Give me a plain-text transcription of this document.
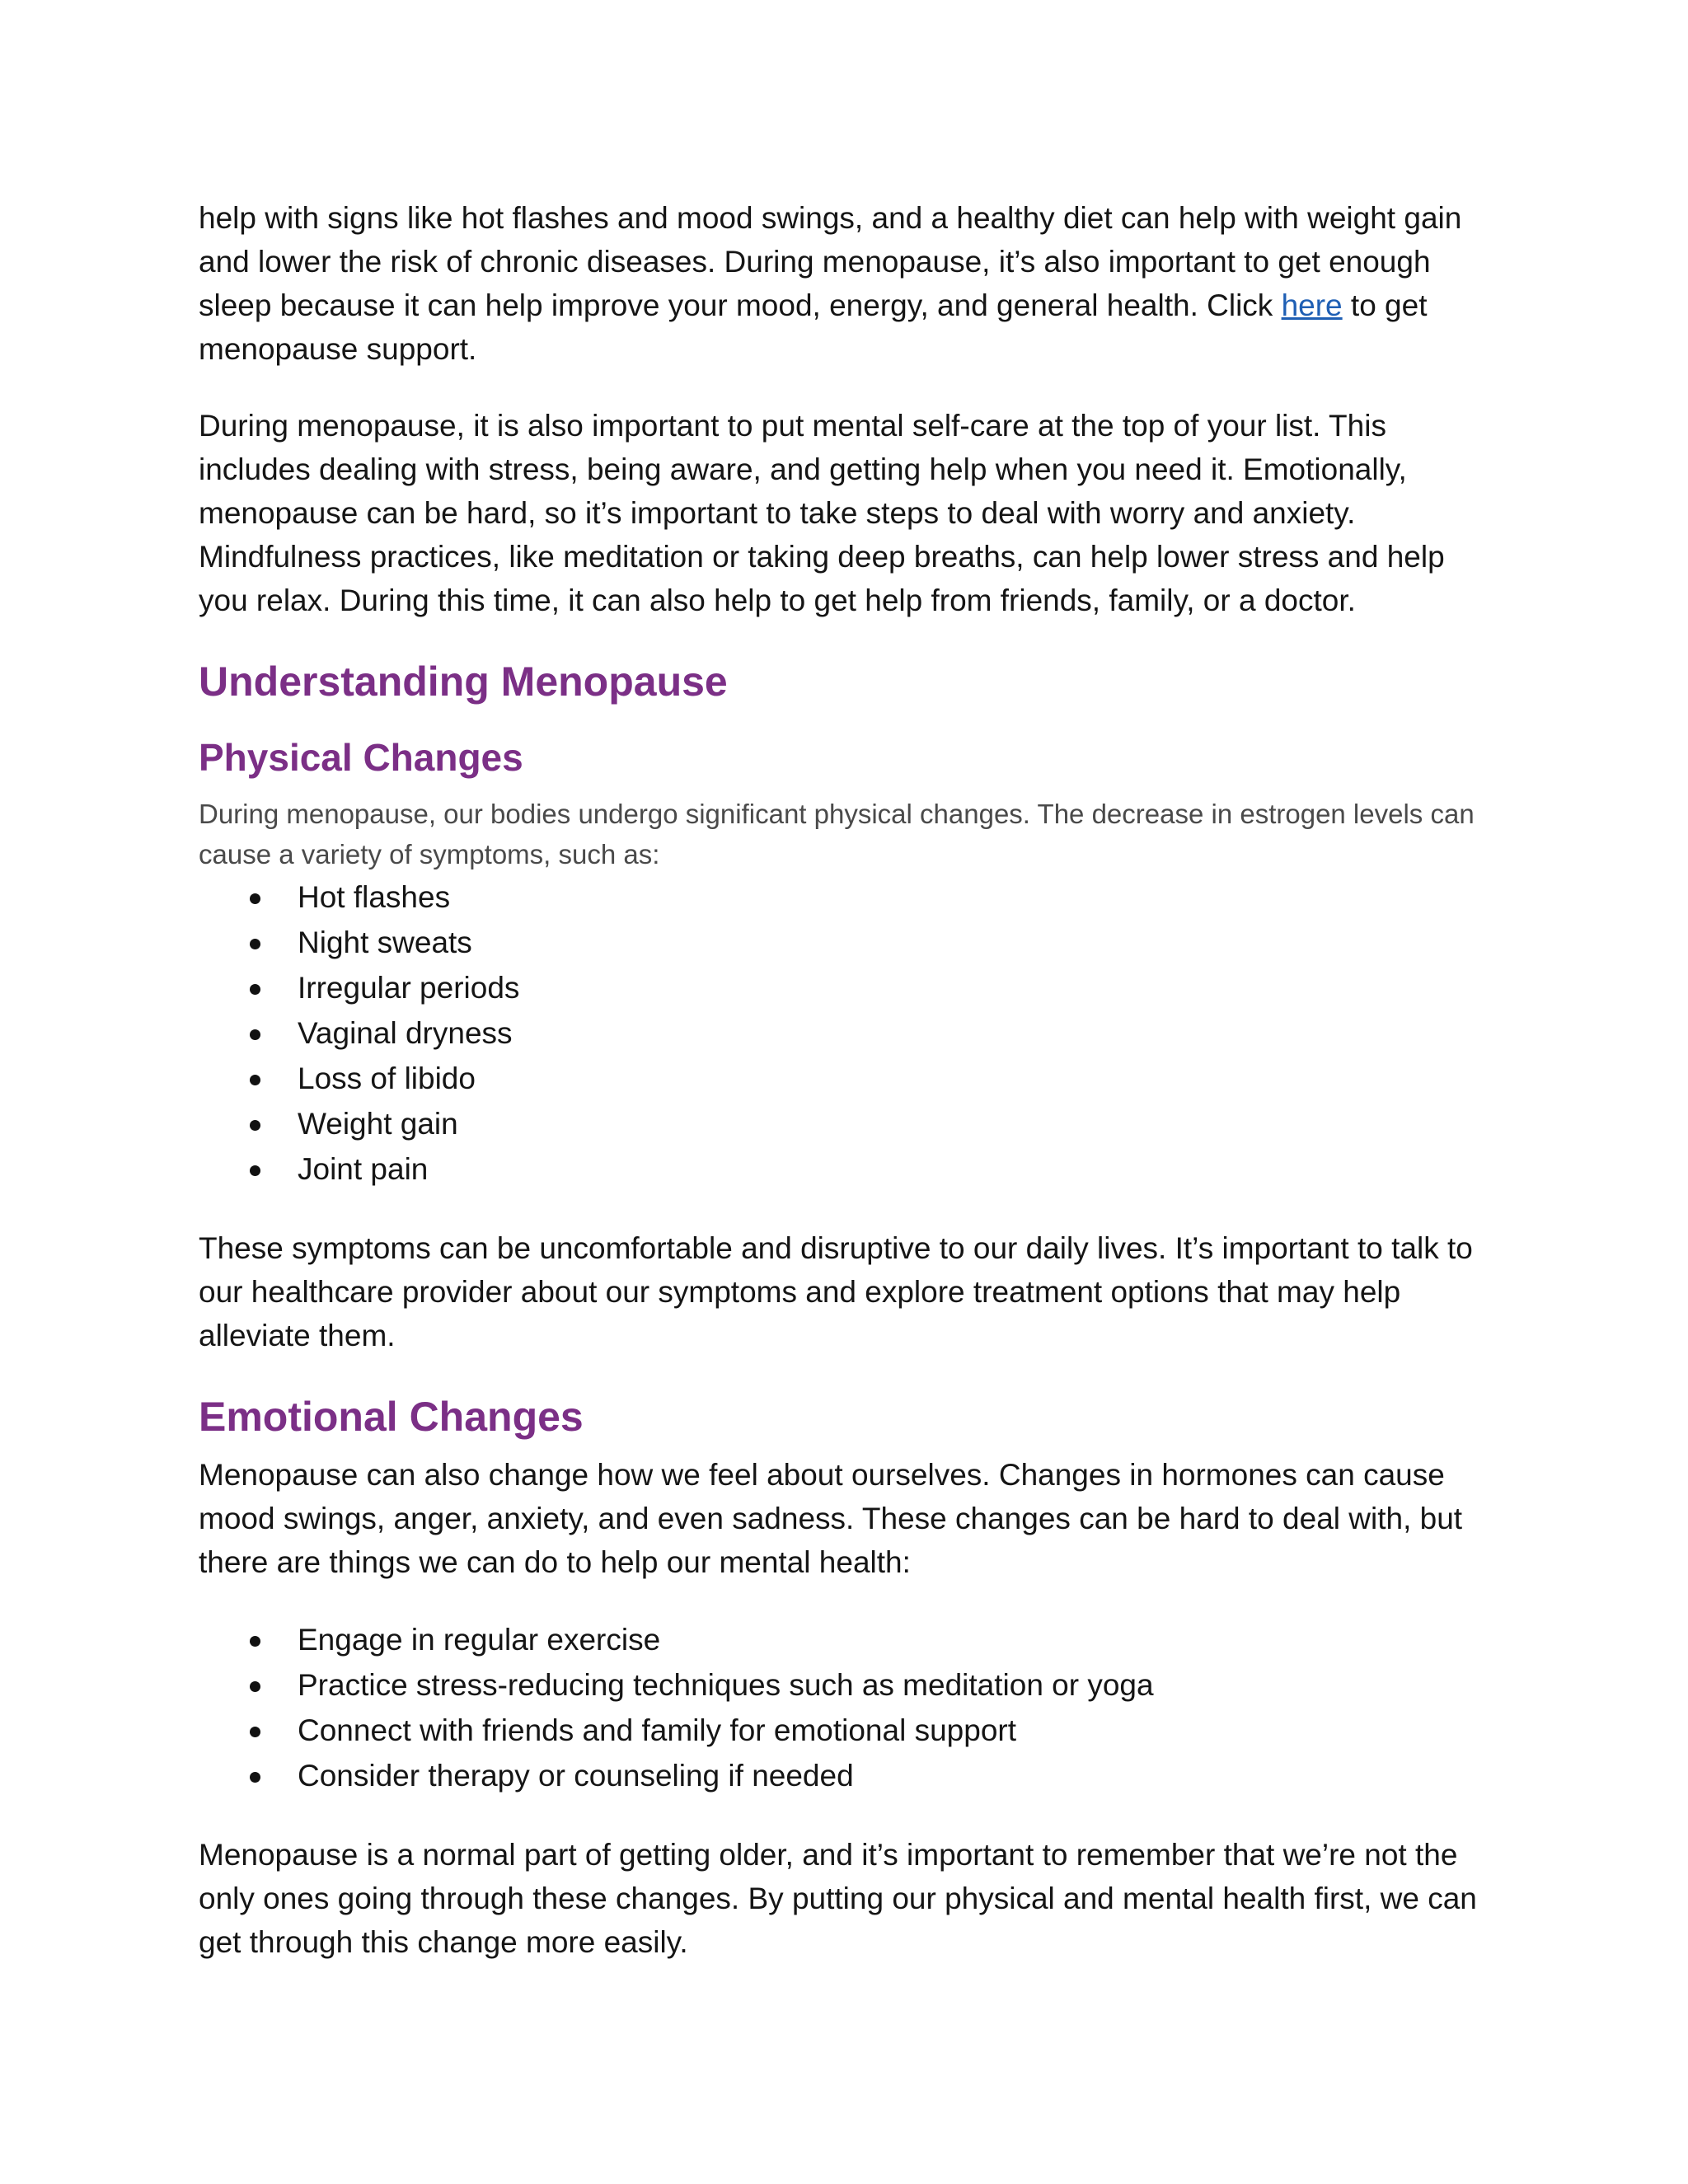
help with signs like hot flashes and mood swings, and a healthy diet can help with weight gain and lower the risk of chronic diseases. During menopause, it’s also important to get enough sleep because it can help improve your mood, energy, and general health. Click here to get menopause support.

During menopause, it is also important to put mental self-care at the top of your list. This includes dealing with stress, being aware, and getting help when you need it. Emotionally, menopause can be hard, so it’s important to take steps to deal with worry and anxiety. Mindfulness practices, like meditation or taking deep breaths, can help lower stress and help you relax. During this time, it can also help to get help from friends, family, or a doctor.

Understanding Menopause
Physical Changes

During menopause, our bodies undergo significant physical changes. The decrease in estrogen levels can cause a variety of symptoms, such as:

Hot flashes
Night sweats
Irregular periods
Vaginal dryness
Loss of libido
Weight gain
Joint pain

These symptoms can be uncomfortable and disruptive to our daily lives. It’s important to talk to our healthcare provider about our symptoms and explore treatment options that may help alleviate them.

Emotional Changes

Menopause can also change how we feel about ourselves. Changes in hormones can cause mood swings, anger, anxiety, and even sadness. These changes can be hard to deal with, but there are things we can do to help our mental health:

Engage in regular exercise
Practice stress-reducing techniques such as meditation or yoga
Connect with friends and family for emotional support
Consider therapy or counseling if needed

Menopause is a normal part of getting older, and it’s important to remember that we’re not the only ones going through these changes. By putting our physical and mental health first, we can get through this change more easily.
